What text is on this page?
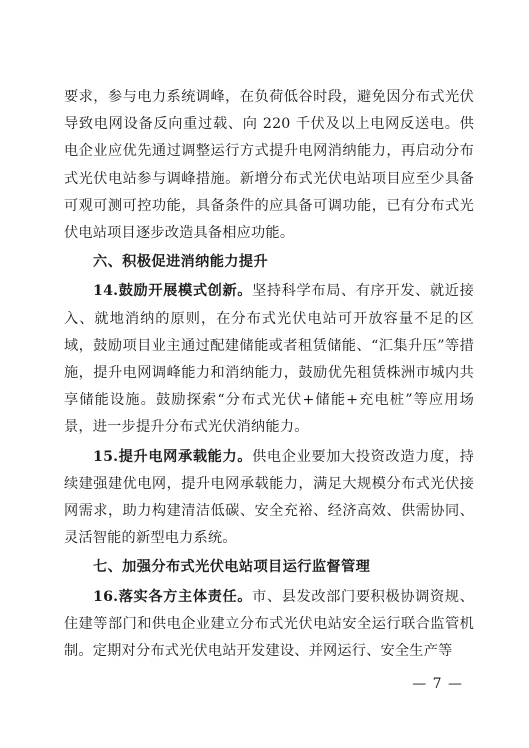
要求，参与电力系统调峰，在负荷低谷时段，避免因分布式光伏导致电网设备反向重过载、向 220 千伏及以上电网反送电。供电企业应优先通过调整运行方式提升电网消纳能力，再启动分布式光伏电站参与调峰措施。新增分布式光伏电站项目应至少具备可观可测可控功能，具备条件的应具备可调功能，已有分布式光伏电站项目逐步改造具备相应功能。

六、积极促进消纳能力提升

14.鼓励开展模式创新。坚持科学布局、有序开发、就近接入、就地消纳的原则，在分布式光伏电站可开放容量不足的区域，鼓励项目业主通过配建储能或者租赁储能、“汇集升压”等措施，提升电网调峰能力和消纳能力，鼓励优先租赁株洲市城内共享储能设施。鼓励探索“分布式光伏+储能+充电桩”等应用场景，进一步提升分布式光伏消纳能力。

15.提升电网承载能力。供电企业要加大投资改造力度，持续建强建优电网，提升电网承载能力，满足大规模分布式光伏接网需求，助力构建清洁低碳、安全充裕、经济高效、供需协同、灵活智能的新型电力系统。

七、加强分布式光伏电站项目运行监督管理

16.落实各方主体责任。市、县发改部门要积极协调资规、住建等部门和供电企业建立分布式光伏电站安全运行联合监管机制。定期对分布式光伏电站开发建设、并网运行、安全生产等

— 7 —
